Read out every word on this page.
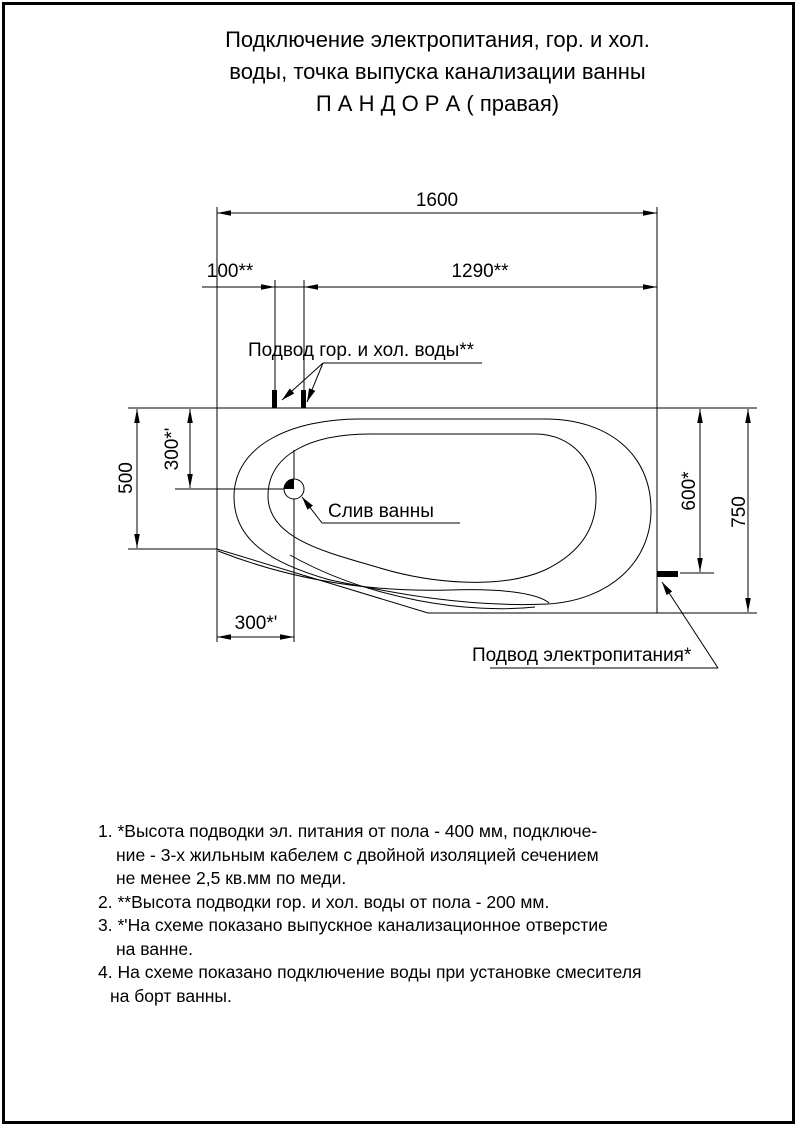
Подключение электропитания, гор. и хол.
воды, точка выпуска канализации ванны
П А Н Д О Р А ( правая)
1600
100**	1290**
500
300*'
600*
750
300*'
Подвод гор. и хол. воды**
Слив ванны
Подвод электропитания*
1. *Высота подводки эл. питания от пола - 400 мм, подключе-
ние - 3-х жильным кабелем с двойной изоляцией сечением
не менее 2,5 кв.мм по меди.
2. **Высота подводки гор. и хол. воды от пола - 200 мм.
3. *'На схеме показано выпускное канализационное отверстие
на ванне.
4. На схеме показано подключение воды при установке смесителя
на борт ванны.
